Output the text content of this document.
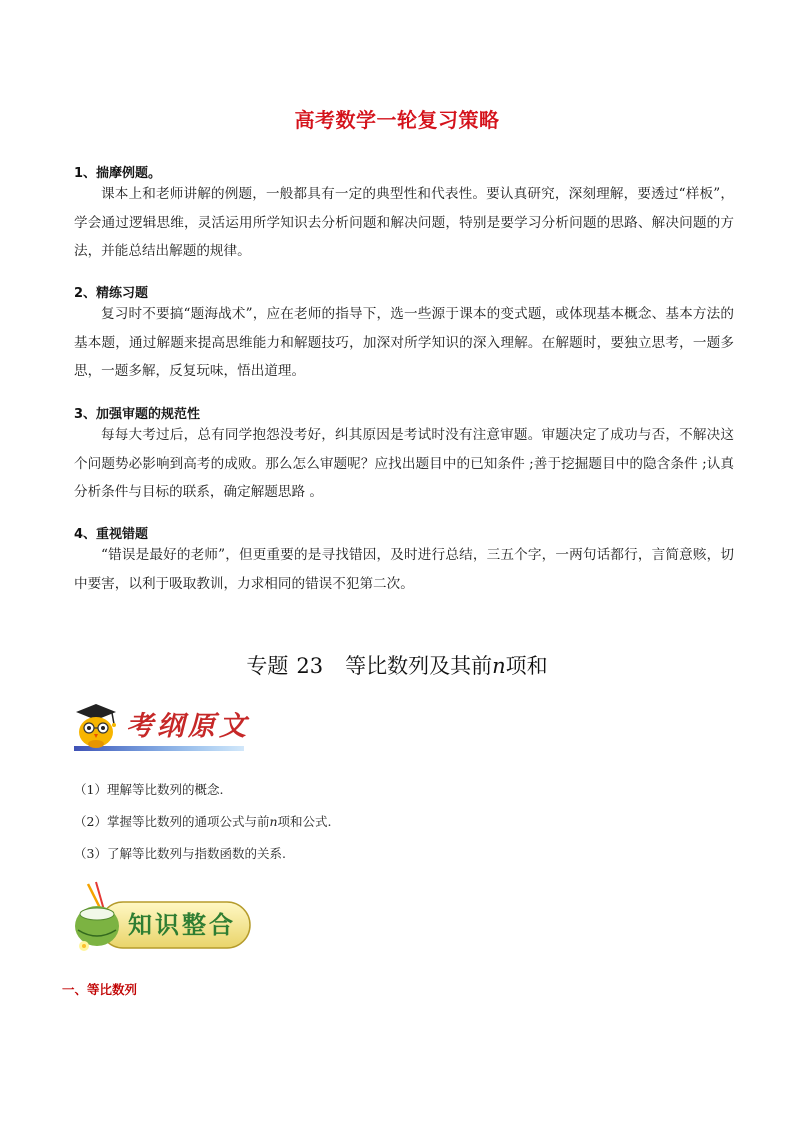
高考数学一轮复习策略
1、揣摩例题。
课本上和老师讲解的例题，一般都具有一定的典型性和代表性。要认真研究，深刻理解，要透过“样板”，学会通过逻辑思维，灵活运用所学知识去分析问题和解决问题，特别是要学习分析问题的思路、解决问题的方法，并能总结出解题的规律。
2、精练习题
复习时不要搞“题海战术”，应在老师的指导下，选一些源于课本的变式题，或体现基本概念、基本方法的基本题，通过解题来提高思维能力和解题技巧，加深对所学知识的深入理解。在解题时，要独立思考，一题多思，一题多解，反复玩味，悟出道理。
3、加强审题的规范性
每每大考过后，总有同学抱怨没考好，纠其原因是考试时没有注意审题。审题决定了成功与否，不解决这个问题势必影响到高考的成败。那么怎么审题呢？应找出题目中的已知条件 ;善于挖掘题目中的隐含条件 ;认真分析条件与目标的联系，确定解题思路 。
4、重视错题
“错误是最好的老师”，但更重要的是寻找错因，及时进行总结，三五个字，一两句话都行，言简意赅，切中要害，以利于吸取教训，力求相同的错误不犯第二次。
专题 23 等比数列及其前n项和
考纲原文
（1）理解等比数列的概念.
（2）掌握等比数列的通项公式与前n项和公式.
（3）了解等比数列与指数函数的关系.
知识整合
一、等比数列
